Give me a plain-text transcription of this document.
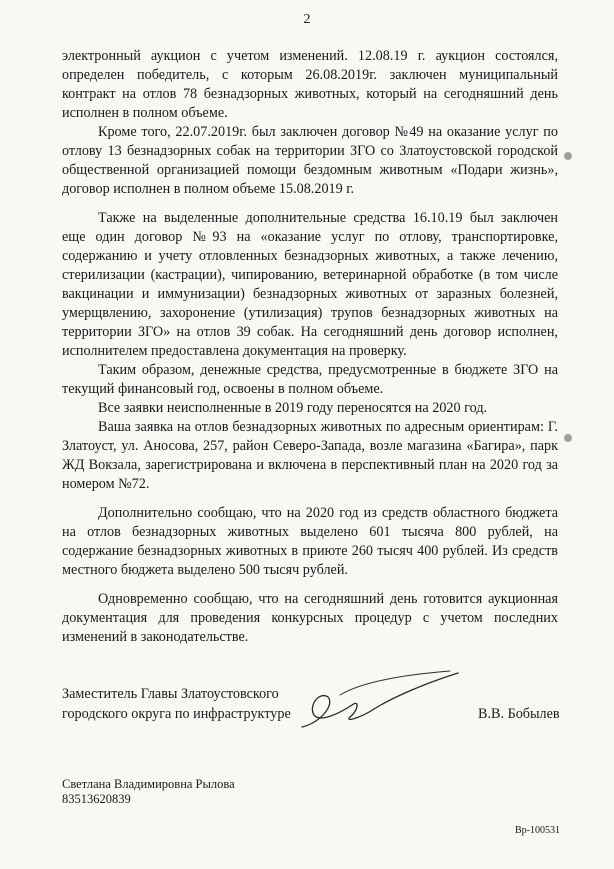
2

электронный аукцион с учетом изменений. 12.08.19 г. аукцион состоялся, определен победитель, с которым 26.08.2019г. заключен муниципальный контракт на отлов 78 безнадзорных животных, который на сегодняшний день исполнен в полном объеме.

Кроме того, 22.07.2019г. был заключен договор №49 на оказание услуг по отлову 13 безнадзорных собак на территории ЗГО со Златоустовской городской общественной организацией помощи бездомным животным «Подари жизнь», договор исполнен в полном объеме 15.08.2019 г.

Также на выделенные дополнительные средства 16.10.19 был заключен еще один договор №93 на «оказание услуг по отлову, транспортировке, содержанию и учету отловленных безнадзорных животных, а также лечению, стерилизации (кастрации), чипированию, ветеринарной обработке (в том числе вакцинации и иммунизации) безнадзорных животных от заразных болезней, умерщвлению, захоронение (утилизация) трупов безнадзорных животных на территории ЗГО» на отлов 39 собак. На сегодняшний день договор исполнен, исполнителем предоставлена документация на проверку.

Таким образом, денежные средства, предусмотренные в бюджете ЗГО на текущий финансовый год, освоены в полном объеме.

Все заявки неисполненные в 2019 году переносятся на 2020 год.

Ваша заявка на отлов безнадзорных животных по адресным ориентирам: Г. Златоуст, ул. Аносова, 257, район Северо-Запада, возле магазина «Багира», парк ЖД Вокзала, зарегистрирована и включена в перспективный план на 2020 год за номером №72.

Дополнительно сообщаю, что на 2020 год из средств областного бюджета на отлов безнадзорных животных выделено 601 тысяча 800 рублей, на содержание безнадзорных животных в приюте 260 тысяч 400 рублей. Из средств местного бюджета выделено 500 тысяч рублей.

Одновременно сообщаю, что на сегодняшний день готовится аукционная документация для проведения конкурсных процедур с учетом последних изменений в законодательстве.

Заместитель Главы Златоустовского
городского округа по инфраструктуре	В.В. Бобылев
Светлана Владимировна Рылова
83513620839
Вр-100531
